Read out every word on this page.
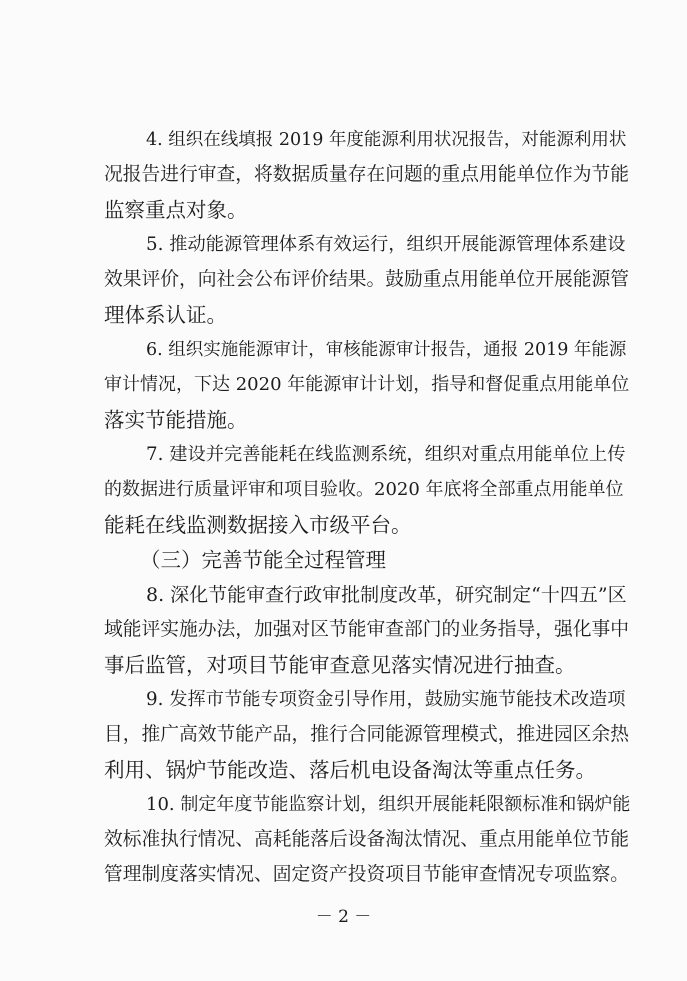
4. 组织在线填报 2019 年度能源利用状况报告，对能源利用状
况报告进行审查，将数据质量存在问题的重点用能单位作为节能
监察重点对象。
5. 推动能源管理体系有效运行，组织开展能源管理体系建设
效果评价，向社会公布评价结果。鼓励重点用能单位开展能源管
理体系认证。
6. 组织实施能源审计，审核能源审计报告，通报 2019 年能源
审计情况，下达 2020 年能源审计计划，指导和督促重点用能单位
落实节能措施。
7. 建设并完善能耗在线监测系统，组织对重点用能单位上传
的数据进行质量评审和项目验收。2020 年底将全部重点用能单位
能耗在线监测数据接入市级平台。
（三）完善节能全过程管理
8. 深化节能审查行政审批制度改革，研究制定“十四五”区
域能评实施办法，加强对区节能审查部门的业务指导，强化事中
事后监管，对项目节能审查意见落实情况进行抽查。
9. 发挥市节能专项资金引导作用，鼓励实施节能技术改造项
目，推广高效节能产品，推行合同能源管理模式，推进园区余热
利用、锅炉节能改造、落后机电设备淘汰等重点任务。
10. 制定年度节能监察计划，组织开展能耗限额标准和锅炉能
效标准执行情况、高耗能落后设备淘汰情况、重点用能单位节能
管理制度落实情况、固定资产投资项目节能审查情况专项监察。
－ 2 －
